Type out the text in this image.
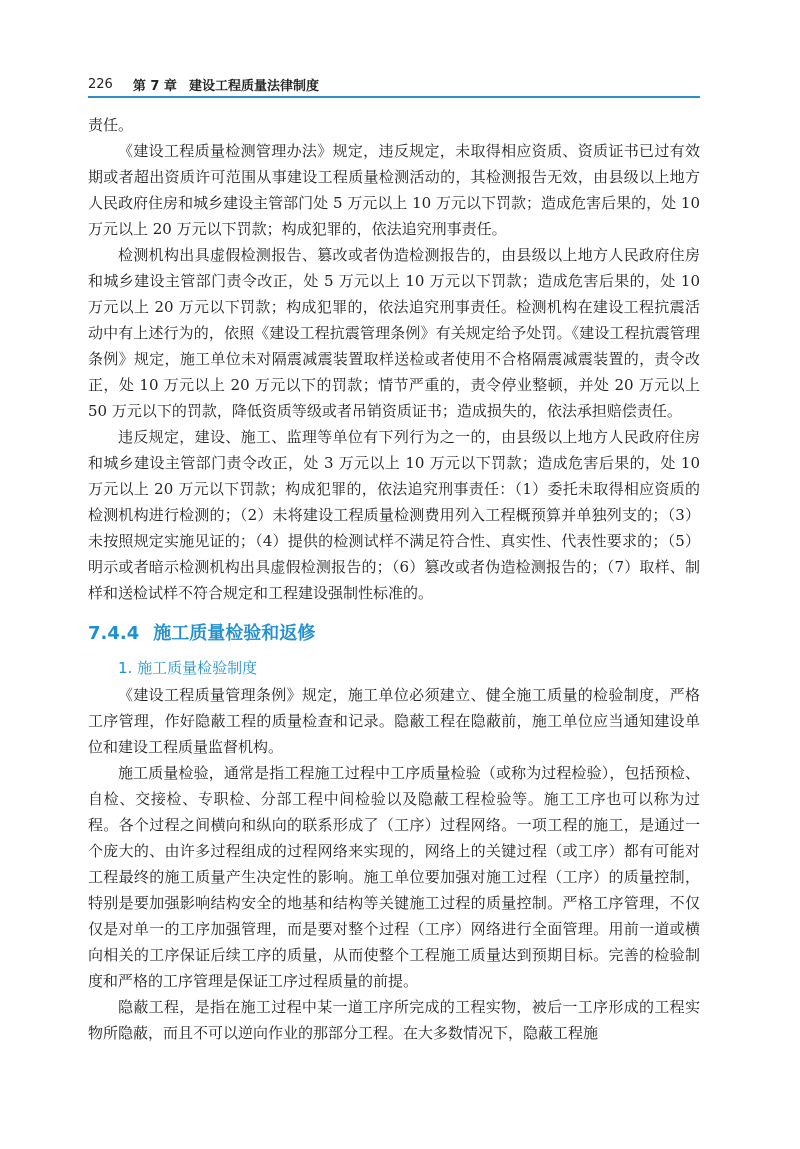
226 第 7 章 建设工程质量法律制度

责任。

《建设工程质量检测管理办法》规定，违反规定，未取得相应资质、资质证书已过有效期或者超出资质许可范围从事建设工程质量检测活动的，其检测报告无效，由县级以上地方人民政府住房和城乡建设主管部门处 5 万元以上 10 万元以下罚款；造成危害后果的，处 10 万元以上 20 万元以下罚款；构成犯罪的，依法追究刑事责任。

检测机构出具虚假检测报告、篡改或者伪造检测报告的，由县级以上地方人民政府住房和城乡建设主管部门责令改正，处 5 万元以上 10 万元以下罚款；造成危害后果的，处 10 万元以上 20 万元以下罚款；构成犯罪的，依法追究刑事责任。检测机构在建设工程抗震活动中有上述行为的，依照《建设工程抗震管理条例》有关规定给予处罚。《建设工程抗震管理条例》规定，施工单位未对隔震减震装置取样送检或者使用不合格隔震减震装置的，责令改正，处 10 万元以上 20 万元以下的罚款；情节严重的，责令停业整顿，并处 20 万元以上 50 万元以下的罚款，降低资质等级或者吊销资质证书；造成损失的，依法承担赔偿责任。

违反规定，建设、施工、监理等单位有下列行为之一的，由县级以上地方人民政府住房和城乡建设主管部门责令改正，处 3 万元以上 10 万元以下罚款；造成危害后果的，处 10 万元以上 20 万元以下罚款；构成犯罪的，依法追究刑事责任：（1）委托未取得相应资质的检测机构进行检测的；（2）未将建设工程质量检测费用列入工程概预算并单独列支的；（3）未按照规定实施见证的；（4）提供的检测试样不满足符合性、真实性、代表性要求的；（5）明示或者暗示检测机构出具虚假检测报告的；（6）篡改或者伪造检测报告的；（7）取样、制样和送检试样不符合规定和工程建设强制性标准的。

7.4.4 施工质量检验和返修
1. 施工质量检验制度

《建设工程质量管理条例》规定，施工单位必须建立、健全施工质量的检验制度，严格工序管理，作好隐蔽工程的质量检查和记录。隐蔽工程在隐蔽前，施工单位应当通知建设单位和建设工程质量监督机构。

施工质量检验，通常是指工程施工过程中工序质量检验（或称为过程检验），包括预检、自检、交接检、专职检、分部工程中间检验以及隐蔽工程检验等。施工工序也可以称为过程。各个过程之间横向和纵向的联系形成了（工序）过程网络。一项工程的施工，是通过一个庞大的、由许多过程组成的过程网络来实现的，网络上的关键过程（或工序）都有可能对工程最终的施工质量产生决定性的影响。施工单位要加强对施工过程（工序）的质量控制，特别是要加强影响结构安全的地基和结构等关键施工过程的质量控制。严格工序管理，不仅仅是对单一的工序加强管理，而是要对整个过程（工序）网络进行全面管理。用前一道或横向相关的工序保证后续工序的质量，从而使整个工程施工质量达到预期目标。完善的检验制度和严格的工序管理是保证工序过程质量的前提。

隐蔽工程，是指在施工过程中某一道工序所完成的工程实物，被后一工序形成的工程实物所隐蔽，而且不可以逆向作业的那部分工程。在大多数情况下，隐蔽工程施
